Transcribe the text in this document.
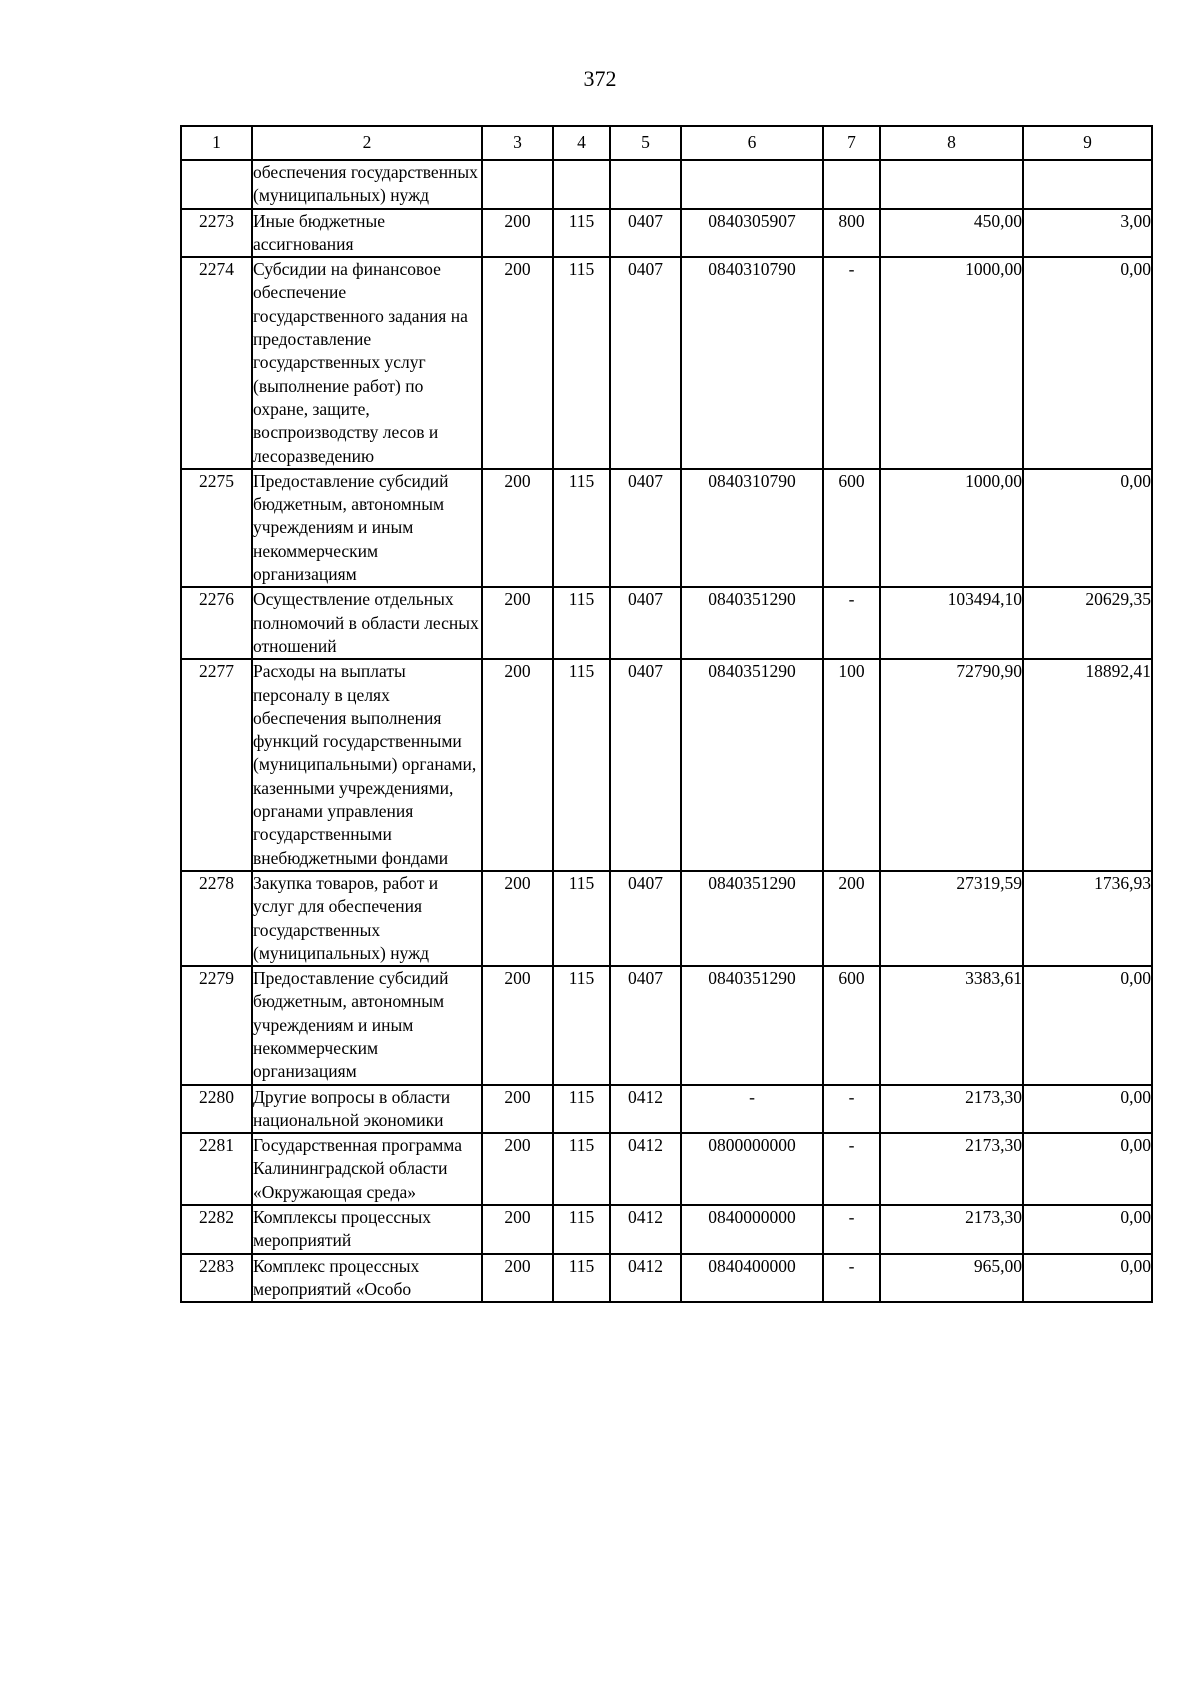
372
1	2	3	4	5	6	7	8	9
	обеспечения государственных (муниципальных) нужд							
2273	Иные бюджетные ассигнования	200	115	0407	0840305907	800	450,00	3,00
2274	Субсидии на финансовое обеспечение государственного задания на предоставление государственных услуг (выполнение работ) по охране, защите, воспроизводству лесов и лесоразведению	200	115	0407	0840310790	-	1000,00	0,00
2275	Предоставление субсидий бюджетным, автономным учреждениям и иным некоммерческим организациям	200	115	0407	0840310790	600	1000,00	0,00
2276	Осуществление отдельных полномочий в области лесных отношений	200	115	0407	0840351290	-	103494,10	20629,35
2277	Расходы на выплаты персоналу в целях обеспечения выполнения функций государственными (муниципальными) органами, казенными учреждениями, органами управления государственными внебюджетными фондами	200	115	0407	0840351290	100	72790,90	18892,41
2278	Закупка товаров, работ и услуг для обеспечения государственных (муниципальных) нужд	200	115	0407	0840351290	200	27319,59	1736,93
2279	Предоставление субсидий бюджетным, автономным учреждениям и иным некоммерческим организациям	200	115	0407	0840351290	600	3383,61	0,00
2280	Другие вопросы в области национальной экономики	200	115	0412	-	-	2173,30	0,00
2281	Государственная программа Калининградской области «Окружающая среда»	200	115	0412	0800000000	-	2173,30	0,00
2282	Комплексы процессных мероприятий	200	115	0412	0840000000	-	2173,30	0,00
2283	Комплекс процессных мероприятий «Особо	200	115	0412	0840400000	-	965,00	0,00
